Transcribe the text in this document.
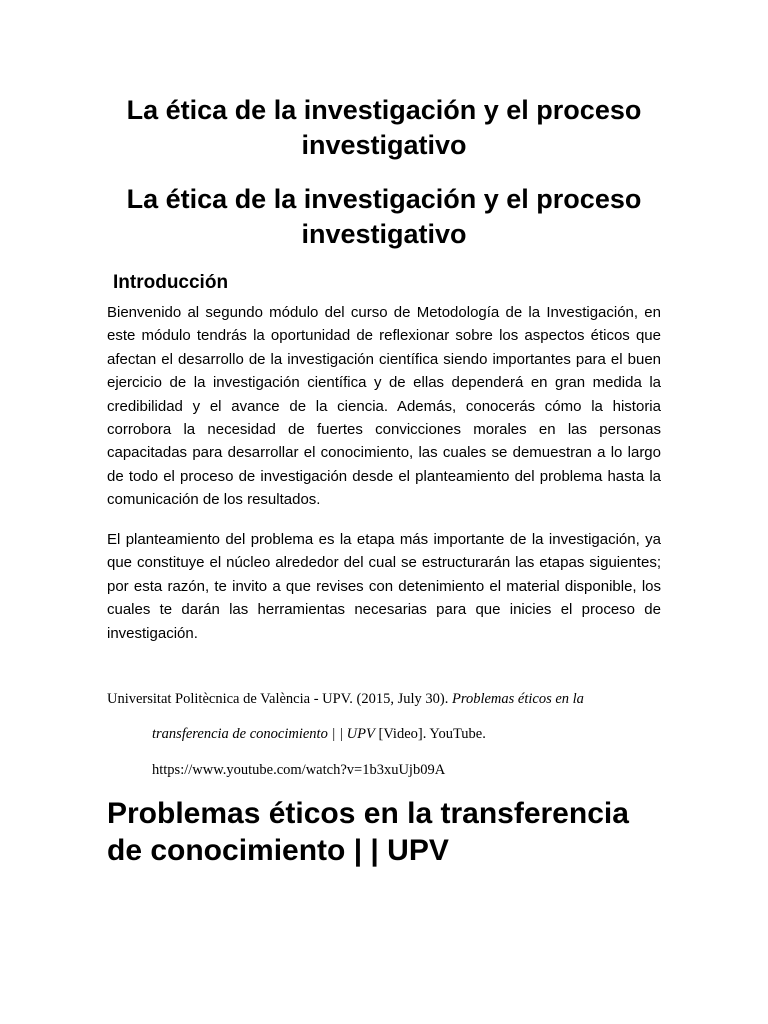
La ética de la investigación y el proceso investigativo
La ética de la investigación y el proceso investigativo
Introducción

Bienvenido al segundo módulo del curso de Metodología de la Investigación, en este módulo tendrás la oportunidad de reflexionar sobre los aspectos éticos que afectan el desarrollo de la investigación científica siendo importantes para el buen ejercicio de la investigación científica y de ellas dependerá en gran medida la credibilidad y el avance de la ciencia. Además, conocerás cómo la historia corrobora la necesidad de fuertes convicciones morales en las personas capacitadas para desarrollar el conocimiento, las cuales se demuestran a lo largo de todo el proceso de investigación desde el planteamiento del problema hasta la comunicación de los resultados.

El planteamiento del problema es la etapa más importante de la investigación, ya que constituye el núcleo alrededor del cual se estructurarán las etapas siguientes; por esta razón, te invito a que revises con detenimiento el material disponible, los cuales te darán las herramientas necesarias para que inicies el proceso de investigación.

Universitat Politècnica de València - UPV. (2015, July 30). Problemas éticos en la

transferencia de conocimiento | | UPV [Video]. YouTube.

https://www.youtube.com/watch?v=1b3xuUjb09A

Problemas éticos en la transferencia de conocimiento | | UPV
